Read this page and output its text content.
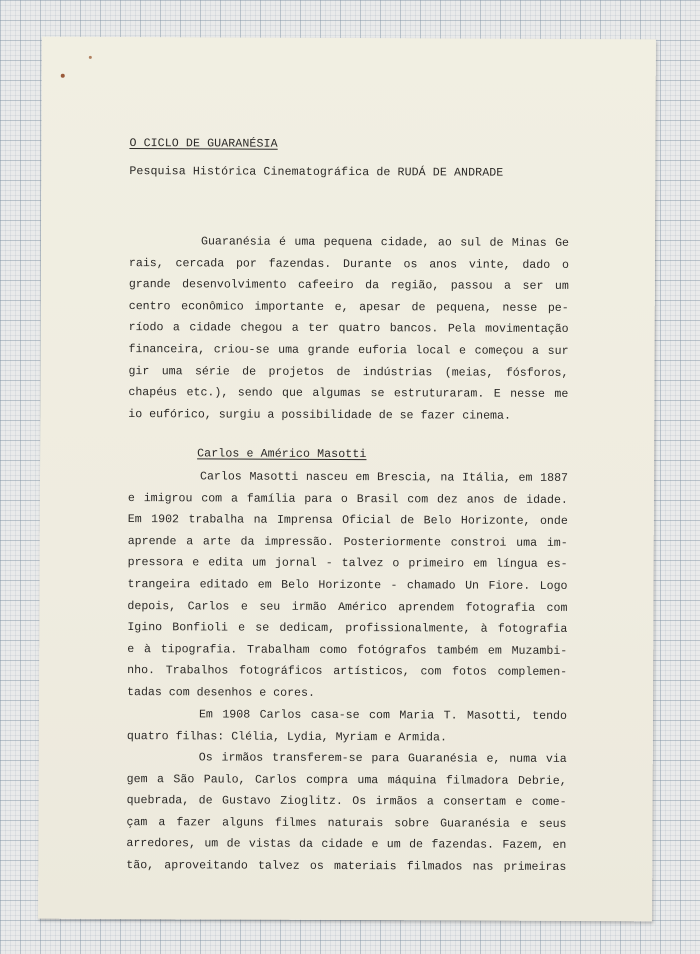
O CICLO DE GUARANÉSIA
Pesquisa Histórica Cinematográfica de RUDÁ DE ANDRADE
Guaranésia é uma pequena cidade, ao sul de Minas Ge
rais, cercada por fazendas. Durante os anos vinte, dado o
grande desenvolvimento cafeeiro da região, passou a ser um
centro econômico importante e, apesar de pequena, nesse pe-
ríodo a cidade chegou a ter quatro bancos. Pela movimentação
financeira, criou-se uma grande euforia local e começou a sur
gir uma série de projetos de indústrias (meias, fósforos,
chapéus etc.), sendo que algumas se estruturaram. E nesse me
io eufórico, surgiu a possibilidade de se fazer cinema.
Carlos e Américo Masotti
Carlos Masotti nasceu em Brescia, na Itália, em 1887
e imigrou com a família para o Brasil com dez anos de idade.
Em 1902 trabalha na Imprensa Oficial de Belo Horizonte, onde
aprende a arte da impressão. Posteriormente constroi uma im-
pressora e edita um jornal - talvez o primeiro em língua es-
trangeira editado em Belo Horizonte - chamado Un Fiore. Logo
depois, Carlos e seu irmão Américo aprendem fotografia com
Igino Bonfioli e se dedicam, profissionalmente, à fotografia
e à tipografia. Trabalham como fotógrafos também em Muzambi-
nho. Trabalhos fotográficos artísticos, com fotos complemen-
tadas com desenhos e cores.
Em 1908 Carlos casa-se com Maria T. Masotti, tendo
quatro filhas: Clélia, Lydia, Myriam e Armida.
Os irmãos transferem-se para Guaranésia e, numa via
gem a São Paulo, Carlos compra uma máquina filmadora Debrie,
quebrada, de Gustavo Zioglitz. Os irmãos a consertam e come-
çam a fazer alguns filmes naturais sobre Guaranésia e seus
arredores, um de vistas da cidade e um de fazendas. Fazem, en
tão, aproveitando talvez os materiais filmados nas primeiras
